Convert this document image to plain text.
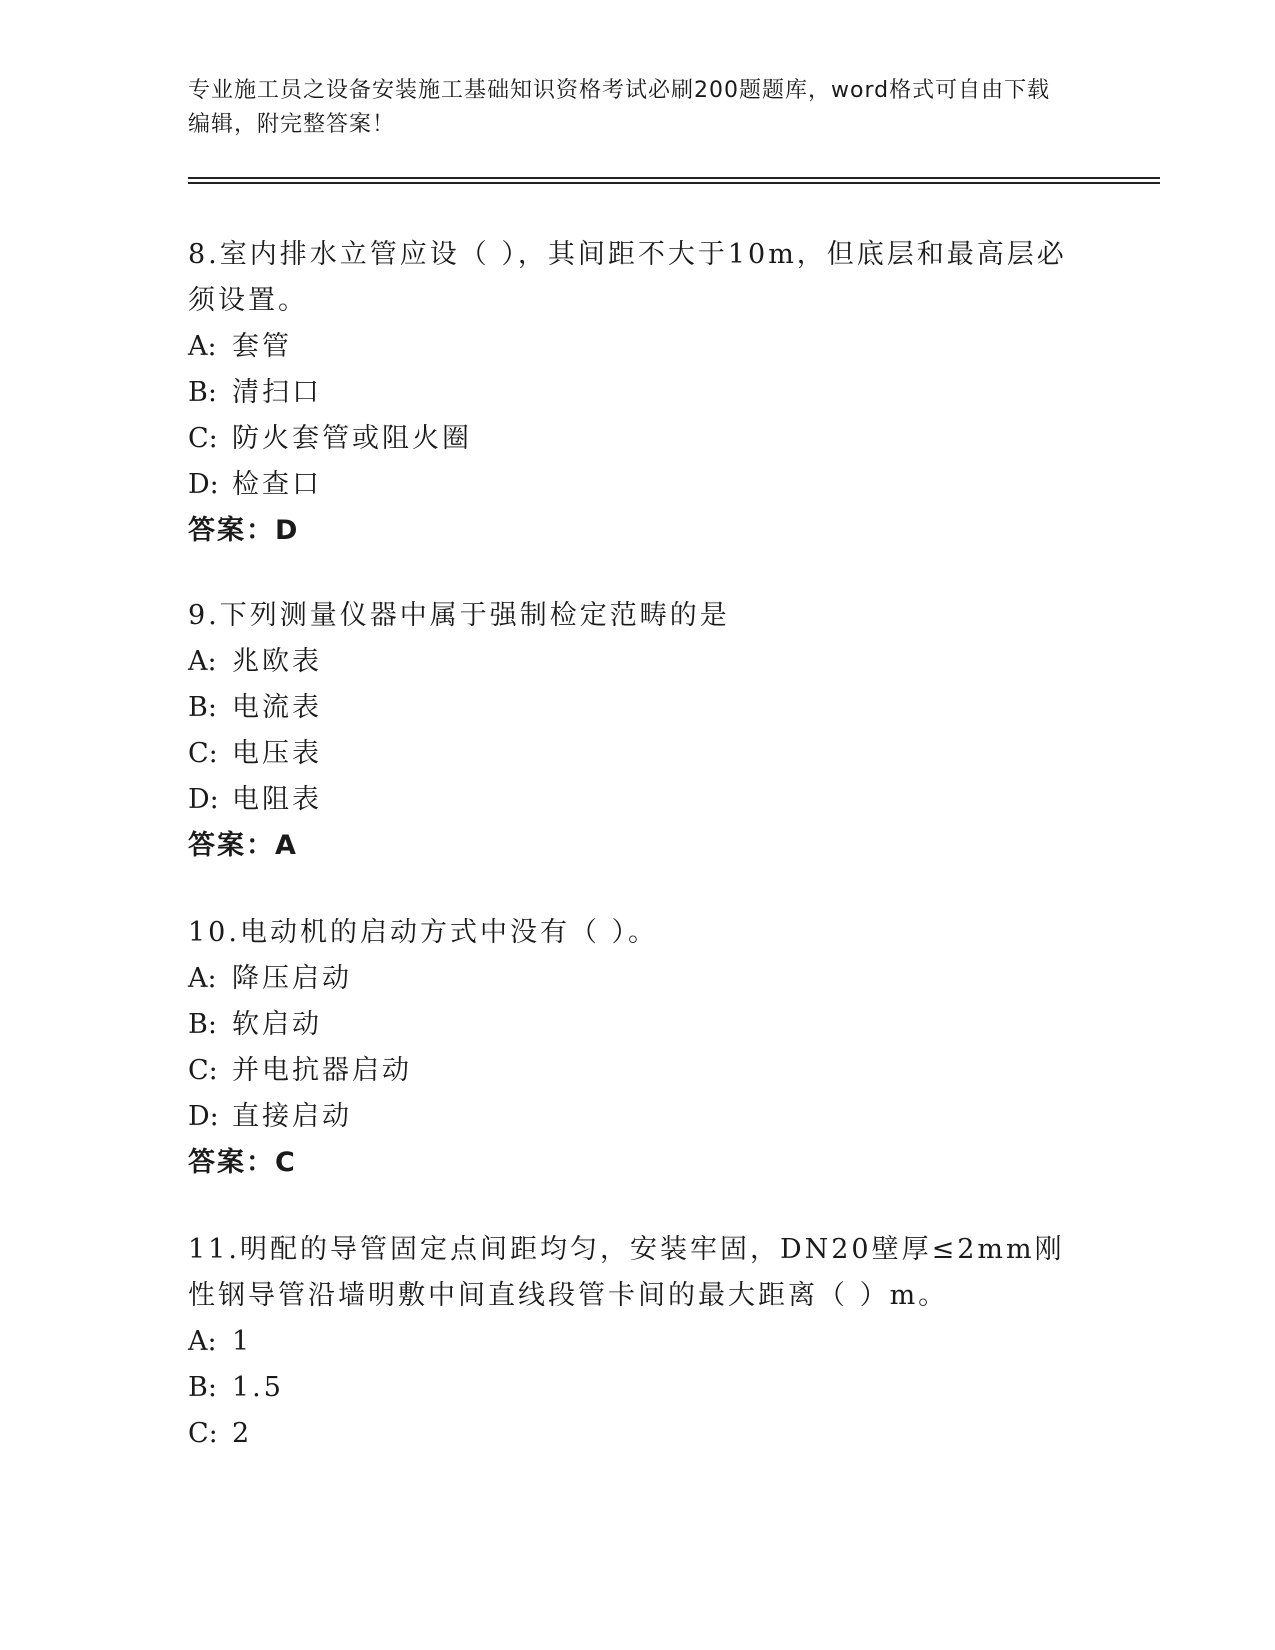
专业施工员之设备安装施工基础知识资格考试必刷200题题库，word格式可自由下载编辑，附完整答案！

8.室内排水立管应设（ ），其间距不大于10m，但底层和最高层必须设置。

A: 套管
B: 清扫口
C: 防火套管或阻火圈
D: 检查口
答案：D

9.下列测量仪器中属于强制检定范畴的是

A: 兆欧表
B: 电流表
C: 电压表
D: 电阻表
答案：A

10.电动机的启动方式中没有（ ）。

A: 降压启动
B: 软启动
C: 并电抗器启动
D: 直接启动
答案：C

11.明配的导管固定点间距均匀，安装牢固，DN20壁厚≤2mm刚性钢导管沿墙明敷中间直线段管卡间的最大距离（ ）m。

A: 1
B: 1.5
C: 2
